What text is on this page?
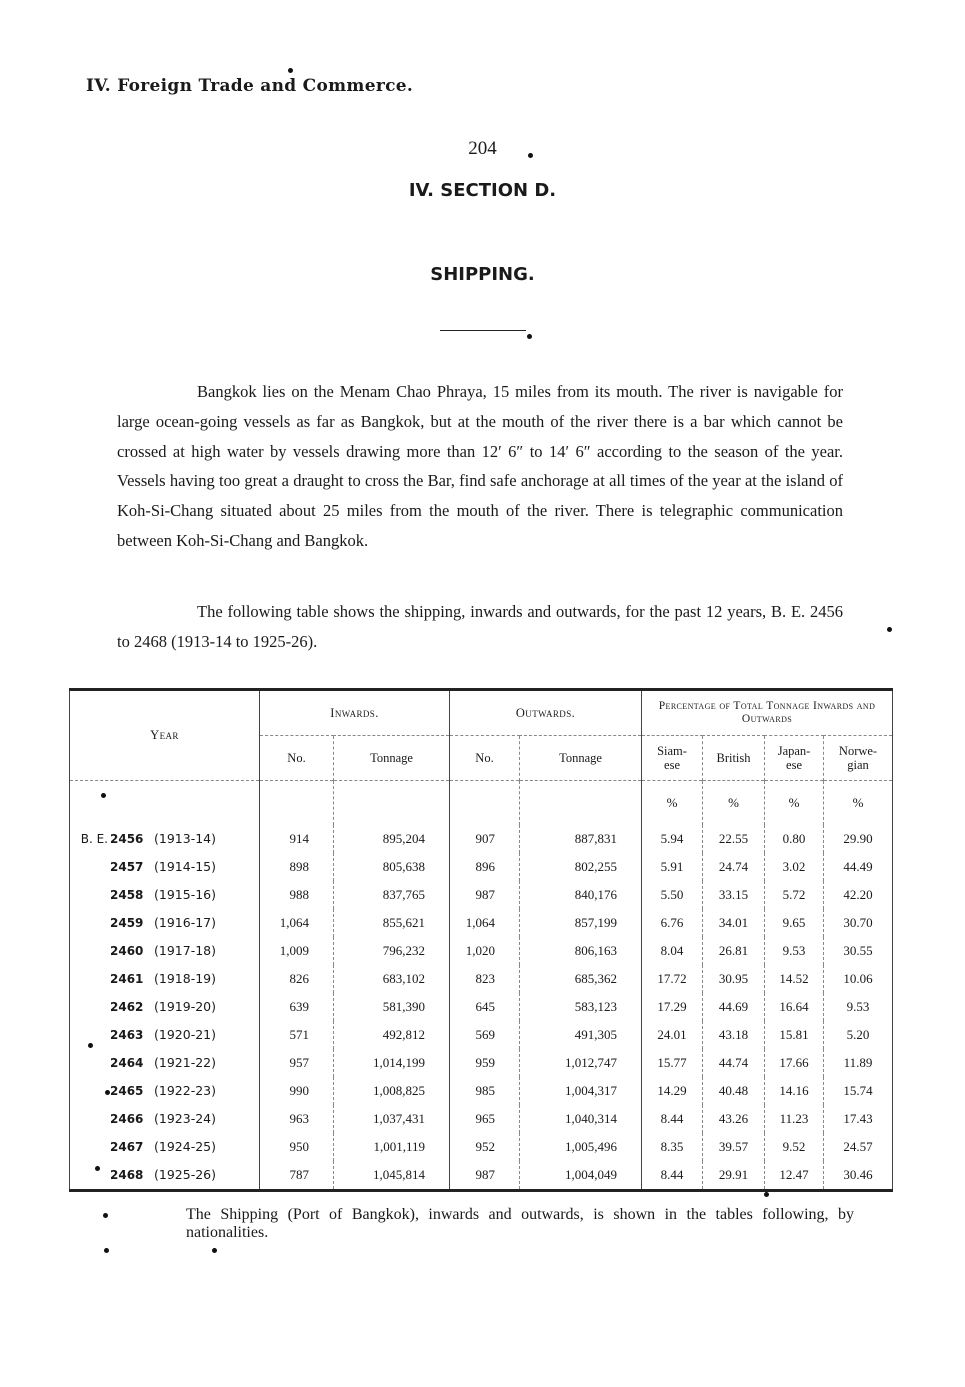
IV. Foreign Trade and Commerce.
204
IV. SECTION D.
SHIPPING.

Bangkok lies on the Menam Chao Phraya, 15 miles from its mouth. The river is navigable for large ocean-going vessels as far as Bangkok, but at the mouth of the river there is a bar which cannot be crossed at high water by vessels drawing more than 12′ 6″ to 14′ 6″ according to the season of the year. Vessels having too great a draught to cross the Bar, find safe anchorage at all times of the year at the island of Koh-Si-Chang situated about 25 miles from the mouth of the river. There is telegraphic communication between Koh-Si-Chang and Bangkok.

The following table shows the shipping, inwards and outwards, for the past 12 years, B. E. 2456 to 2468 (1913-14 to 1925-26).

Year	Inwards.		Outwards.		Percentage of Total Tonnage Inwards and Outwards			
	No.	Tonnage	No.	Tonnage	Siam-ese	British	Japan-ese	Norwe-gian
					%	%	%	%
B. E. 2456 (1913-14)	914	895,204	907	887,831	5.94	22.55	0.80	29.90
2457 (1914-15)	898	805,638	896	802,255	5.91	24.74	3.02	44.49
2458 (1915-16)	988	837,765	987	840,176	5.50	33.15	5.72	42.20
2459 (1916-17)	1,064	855,621	1,064	857,199	6.76	34.01	9.65	30.70
2460 (1917-18)	1,009	796,232	1,020	806,163	8.04	26.81	9.53	30.55
2461 (1918-19)	826	683,102	823	685,362	17.72	30.95	14.52	10.06
2462 (1919-20)	639	581,390	645	583,123	17.29	44.69	16.64	9.53
2463 (1920-21)	571	492,812	569	491,305	24.01	43.18	15.81	5.20
2464 (1921-22)	957	1,014,199	959	1,012,747	15.77	44.74	17.66	11.89
2465 (1922-23)	990	1,008,825	985	1,004,317	14.29	40.48	14.16	15.74
2466 (1923-24)	963	1,037,431	965	1,040,314	8.44	43.26	11.23	17.43
2467 (1924-25)	950	1,001,119	952	1,005,496	8.35	39.57	9.52	24.57
2468 (1925-26)	787	1,045,814	987	1,004,049	8.44	29.91	12.47	30.46

The Shipping (Port of Bangkok), inwards and outwards, is shown in the tables following, by nationalities.
